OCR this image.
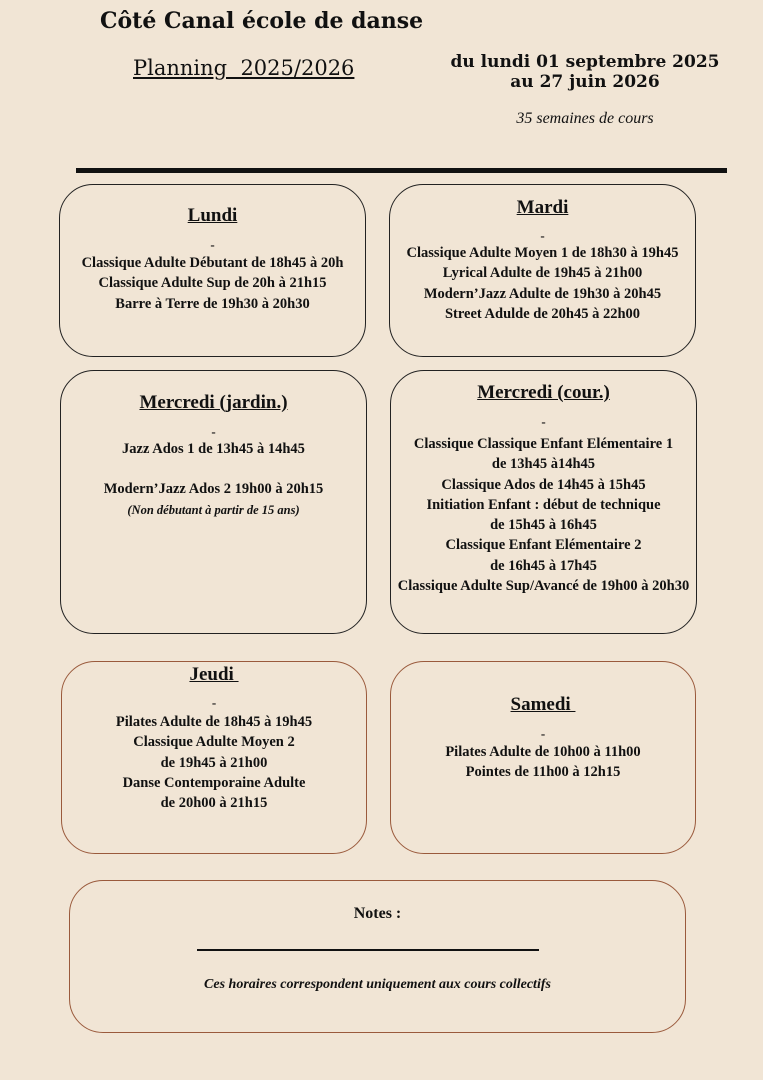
Côté Canal école de danse
Planning  2025/2026	du lundi 01 septembre 2025
au 27 juin 2026
35 semaines de cours
Lundi
-
Classique Adulte Débutant de 18h45 à 20h
Classique Adulte Sup de 20h à 21h15
Barre à Terre de 19h30 à 20h30
Mardi
-
Classique Adulte Moyen 1 de 18h30 à 19h45
Lyrical Adulte de 19h45 à 21h00
Modern’Jazz Adulte de 19h30 à 20h45
Street Adulde de 20h45 à 22h00
Mercredi (jardin.)
-
Jazz Ados 1 de 13h45 à 14h45
Modern’Jazz Ados 2 19h00 à 20h15
(Non débutant à partir de 15 ans)
Mercredi (cour.)
-
Classique Classique Enfant Elémentaire 1
de 13h45 à14h45
Classique Ados de 14h45 à 15h45
Initiation Enfant : début de technique
de 15h45 à 16h45
Classique Enfant Elémentaire 2
de 16h45 à 17h45
Classique Adulte Sup/Avancé de 19h00 à 20h30
Jeudi
-
Pilates Adulte de 18h45 à 19h45
Classique Adulte Moyen 2
de 19h45 à 21h00
Danse Contemporaine Adulte
de 20h00 à 21h15
Samedi
-
Pilates Adulte de 10h00 à 11h00
Pointes de 11h00 à 12h15
Notes :
Ces horaires correspondent uniquement aux cours collectifs
